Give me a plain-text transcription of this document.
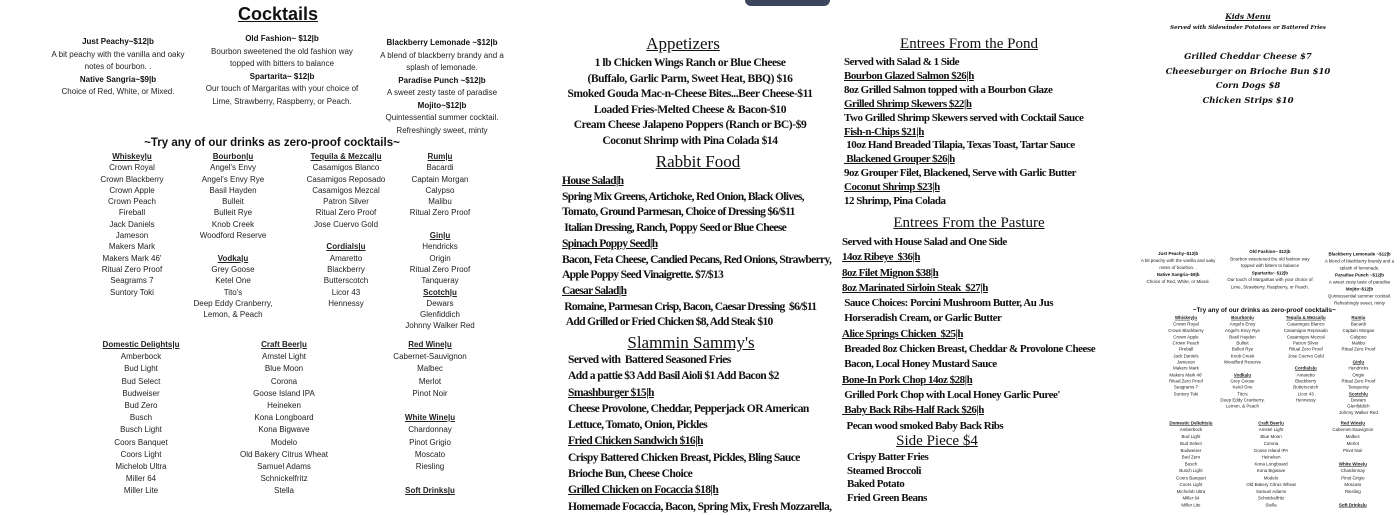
Cocktails
Just Peachy~$12|b
A bit peachy with the vanilla and oaky
notes of bourbon. .
Native Sangria~$9|b
Choice of Red, White, or Mixed.
Old Fashion~ $12|b
Bourbon sweetened the old fashion way
topped with bitters to balance
Spartarita~ $12|b
Our touch of Margaritas with your choice of
Lime, Strawberry, Raspberry, or Peach.
Blackberry Lemonade ~$12|b
A blend of blackberry brandy and a
splash of lemonade.
Paradise Punch ~$12|b
A sweet zesty taste of paradise
Mojito~$12|b
Quintessential summer cocktail.
Refreshingly sweet, minty
~Try any of our drinks as zero-proof cocktails~
Whiskey|u
Crown Royal
Crown Blackberry
Crown Apple
Crown Peach
Fireball
Jack Daniels
Jameson
Makers Mark
Makers Mark 46'
Ritual Zero Proof
Seagrams 7
Suntory Toki
Bourbon|u
Angel's Envy
Angel's Envy Rye
Basil Hayden
Bulleit
Bulleit Rye
Knob Creek
Woodford Reserve

Vodka|u
Grey Goose
Ketel One
Tito's
Deep Eddy Cranberry,
Lemon, & Peach
Tequila & Mezcal|u
Casamigos Blanco
Casamigos Reposado
Casamigos Mezcal
Patron Silver
Ritual Zero Proof
Jose Cuervo Gold

Cordials|u
Amaretto
Blackberry
Butterscotch
Licor 43
Hennessy
Rum|u
Bacardi
Captain Morgan
Calypso
Malibu
Ritual Zero Proof

Gin|u
Hendricks
Origin
Ritual Zero Proof
Tanqueray
Scotch|u
Dewars
Glenfiddich
Johnny Walker Red
Domestic Delights|u
Amberbock
Bud Light
Bud Select
Budweiser
Bud Zero
Busch
Busch Light
Coors Banquet
Coors Light
Michelob Ultra
Miller 64
Miller Lite
Craft Beer|u
Amstel Light
Blue Moon
Corona
Goose Island IPA
Heineken
Kona Longboard
Kona Bigwave
Modelo
Old Bakery Citrus Wheat
Samuel Adams
Schnickelfritz
Stella
Red Wine|u
Cabernet-Sauvignon
Malbec
Merlot
Pinot Noir

White Wine|u
Chardonnay
Pinot Grigio
Moscato
Riesling

Soft Drinks|u
Appetizers
1 lb Chicken Wings Ranch or Blue Cheese
(Buffalo, Garlic Parm, Sweet Heat, BBQ) $16
Smoked Gouda Mac-n-Cheese Bites...Beer Cheese-$11
Loaded Fries-Melted Cheese & Bacon-$10
Cream Cheese Jalapeno Poppers (Ranch or BC)-$9
Coconut Shrimp with Pina Colada $14
Rabbit Food
House Salad|h
Spring Mix Greens, Artichoke, Red Onion, Black Olives,
Tomato, Ground Parmesan, Choice of Dressing $6/$11
Italian Dressing, Ranch, Poppy Seed or Blue Cheese
Spinach Poppy Seed|h
Bacon, Feta Cheese, Candied Pecans, Red Onions, Strawberry,
Apple Poppy Seed Vinaigrette. $7/$13
Caesar Salad|h
Romaine, Parmesan Crisp, Bacon, Caesar Dressing  $6/$11
Add Grilled or Fried Chicken $8, Add Steak $10
Slammin Sammy's
Served with  Battered Seasoned Fries
Add a pattie $3 Add Basil Aioli $1 Add Bacon $2
Smashburger $15|h
Cheese Provolone, Cheddar, Pepperjack OR American
Lettuce, Tomato, Onion, Pickles
Fried Chicken Sandwich $16|h
Crispy Battered Chicken Breast, Pickles, Bling Sauce
Brioche Bun, Cheese Choice
Grilled Chicken on Focaccia $18|h
Homemade Focaccia, Bacon, Spring Mix, Fresh Mozzarella,
Entrees From the Pond
Served with Salad & 1 Side
Bourbon Glazed Salmon $26|h
8oz Grilled Salmon topped with a Bourbon Glaze
Grilled Shrimp Skewers $22|h
Two Grilled Shrimp Skewers served with Cocktail Sauce
Fish-n-Chips $21|h
10oz Hand Breaded Tilapia, Texas Toast, Tartar Sauce
Blackened Grouper $26|h
9oz Grouper Filet, Blackened, Serve with Garlic Butter
Coconut Shrimp $23|h
12 Shrimp, Pina Colada
Entrees From the Pasture
Served with House Salad and One Side
14oz Ribeye  $36|h
8oz Filet Mignon $38|h
8oz Marinated Sirloin Steak  $27|h
Sauce Choices: Porcini Mushroom Butter, Au Jus
Horseradish Cream, or Garlic Butter
Alice Springs Chicken  $25|h
Breaded 8oz Chicken Breast, Cheddar & Provolone Cheese
Bacon, Local Honey Mustard Sauce
Bone-In Pork Chop 14oz $28|h
Grilled Pork Chop with Local Honey Garlic Puree'
Baby Back Ribs-Half Rack $26|h
Pecan wood smoked Baby Back Ribs
Side Piece $4
Crispy Batter Fries
Steamed Broccoli
Baked Potato
Fried Green Beans
Kids Menu
Served with Sidewinder Potatoes or Battered Fries
Grilled Cheddar Cheese $7
Cheeseburger on Brioche Bun $10
Corn Dogs $8
Chicken Strips $10
Just Peachy~$12|b
A bit peachy with the vanilla and oaky
notes of bourbon. .
Native Sangria~$9|b
Choice of Red, White, or Mixed.
Old Fashion~ $12|b
Bourbon sweetened the old fashion way
topped with bitters to balance
Spartarita~ $12|b
Our touch of Margaritas with your choice of
Lime, Strawberry, Raspberry, or Peach.
Blackberry Lemonade ~$12|b
A blend of blackberry brandy and a
splash of lemonade.
Paradise Punch ~$12|b
A sweet zesty taste of paradise
Mojito~$12|b
Quintessential summer cocktail.
Refreshingly sweet, minty
~Try any of our drinks as zero-proof cocktails~
Whiskey|u
Crown Royal
Crown Blackberry
Crown Apple
Crown Peach
Fireball
Jack Daniels
Jameson
Makers Mark
Makers Mark 46'
Ritual Zero Proof
Seagrams 7
Suntory Toki
Bourbon|u
Angel's Envy
Angel's Envy Rye
Basil Hayden
Bulleit
Bulleit Rye
Knob Creek
Woodford Reserve

Vodka|u
Grey Goose
Ketel One
Tito's
Deep Eddy Cranberry,
Lemon, & Peach
Tequila & Mezcal|u
Casamigos Blanco
Casamigos Reposado
Casamigos Mezcal
Patron Silver
Ritual Zero Proof
Jose Cuervo Gold

Cordials|u
Amaretto
Blackberry
Butterscotch
Licor 43
Hennessy
Rum|u
Bacardi
Captain Morgan
Calypso
Malibu
Ritual Zero Proof

Gin|u
Hendricks
Origin
Ritual Zero Proof
Tanqueray
Scotch|u
Dewars
Glenfiddich
Johnny Walker Red
Domestic Delights|u
Amberbock
Bud Light
Bud Select
Budweiser
Bud Zero
Busch
Busch Light
Coors Banquet
Coors Light
Michelob Ultra
Miller 64
Miller Lite
Craft Beer|u
Amstel Light
Blue Moon
Corona
Goose Island IPA
Heineken
Kona Longboard
Kona Bigwave
Modelo
Old Bakery Citrus Wheat
Samuel Adams
Schnickelfritz
Stella
Red Wine|u
Cabernet-Sauvignon
Malbec
Merlot
Pinot Noir

White Wine|u
Chardonnay
Pinot Grigio
Moscato
Riesling

Soft Drinks|u
